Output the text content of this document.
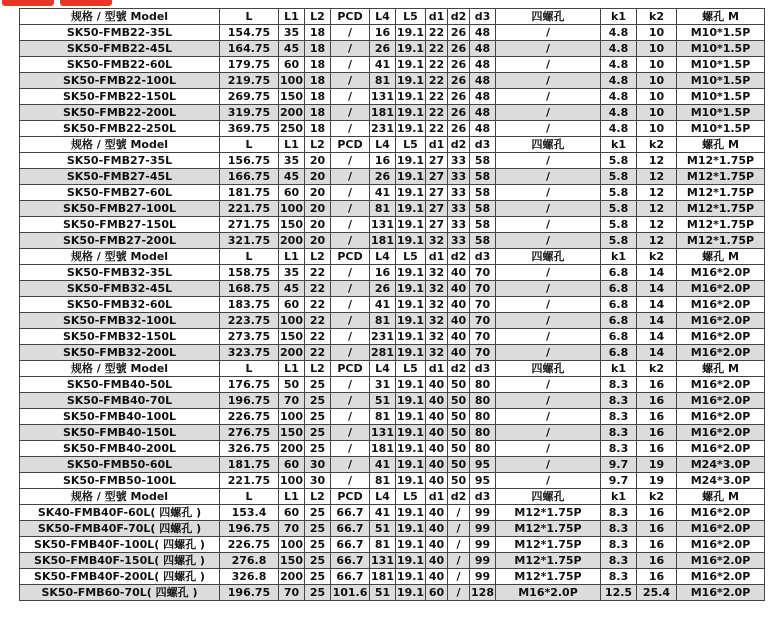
规格 / 型號 Model	L	L1	L2	PCD	L4	L5	d1	d2	d3	四螺孔	k1	k2	螺孔 M
SK50-FMB22-35L	154.75	35	18	/	16	19.1	22	26	48	/	4.8	10	M10*1.5P
SK50-FMB22-45L	164.75	45	18	/	26	19.1	22	26	48	/	4.8	10	M10*1.5P
SK50-FMB22-60L	179.75	60	18	/	41	19.1	22	26	48	/	4.8	10	M10*1.5P
SK50-FMB22-100L	219.75	100	18	/	81	19.1	22	26	48	/	4.8	10	M10*1.5P
SK50-FMB22-150L	269.75	150	18	/	131	19.1	22	26	48	/	4.8	10	M10*1.5P
SK50-FMB22-200L	319.75	200	18	/	181	19.1	22	26	48	/	4.8	10	M10*1.5P
SK50-FMB22-250L	369.75	250	18	/	231	19.1	22	26	48	/	4.8	10	M10*1.5P
规格 / 型號 Model	L	L1	L2	PCD	L4	L5	d1	d2	d3	四螺孔	k1	k2	螺孔 M
SK50-FMB27-35L	156.75	35	20	/	16	19.1	27	33	58	/	5.8	12	M12*1.75P
SK50-FMB27-45L	166.75	45	20	/	26	19.1	27	33	58	/	5.8	12	M12*1.75P
SK50-FMB27-60L	181.75	60	20	/	41	19.1	27	33	58	/	5.8	12	M12*1.75P
SK50-FMB27-100L	221.75	100	20	/	81	19.1	27	33	58	/	5.8	12	M12*1.75P
SK50-FMB27-150L	271.75	150	20	/	131	19.1	27	33	58	/	5.8	12	M12*1.75P
SK50-FMB27-200L	321.75	200	20	/	181	19.1	32	33	58	/	5.8	12	M12*1.75P
规格 / 型號 Model	L	L1	L2	PCD	L4	L5	d1	d2	d3	四螺孔	k1	k2	螺孔 M
SK50-FMB32-35L	158.75	35	22	/	16	19.1	32	40	70	/	6.8	14	M16*2.0P
SK50-FMB32-45L	168.75	45	22	/	26	19.1	32	40	70	/	6.8	14	M16*2.0P
SK50-FMB32-60L	183.75	60	22	/	41	19.1	32	40	70	/	6.8	14	M16*2.0P
SK50-FMB32-100L	223.75	100	22	/	81	19.1	32	40	70	/	6.8	14	M16*2.0P
SK50-FMB32-150L	273.75	150	22	/	231	19.1	32	40	70	/	6.8	14	M16*2.0P
SK50-FMB32-200L	323.75	200	22	/	281	19.1	32	40	70	/	6.8	14	M16*2.0P
规格 / 型號 Model	L	L1	L2	PCD	L4	L5	d1	d2	d3	四螺孔	k1	k2	螺孔 M
SK50-FMB40-50L	176.75	50	25	/	31	19.1	40	50	80	/	8.3	16	M16*2.0P
SK50-FMB40-70L	196.75	70	25	/	51	19.1	40	50	80	/	8.3	16	M16*2.0P
SK50-FMB40-100L	226.75	100	25	/	81	19.1	40	50	80	/	8.3	16	M16*2.0P
SK50-FMB40-150L	276.75	150	25	/	131	19.1	40	50	80	/	8.3	16	M16*2.0P
SK50-FMB40-200L	326.75	200	25	/	181	19.1	40	50	80	/	8.3	16	M16*2.0P
SK50-FMB50-60L	181.75	60	30	/	41	19.1	40	50	95	/	9.7	19	M24*3.0P
SK50-FMB50-100L	221.75	100	30	/	81	19.1	40	50	95	/	9.7	19	M24*3.0P
规格 / 型號 Model	L	L1	L2	PCD	L4	L5	d1	d2	d3	四螺孔	k1	k2	螺孔 M
SK40-FMB40F-60L( 四螺孔 )	153.4	60	25	66.7	41	19.1	40	/	99	M12*1.75P	8.3	16	M16*2.0P
SK50-FMB40F-70L( 四螺孔 )	196.75	70	25	66.7	51	19.1	40	/	99	M12*1.75P	8.3	16	M16*2.0P
SK50-FMB40F-100L( 四螺孔 )	226.75	100	25	66.7	81	19.1	40	/	99	M12*1.75P	8.3	16	M16*2.0P
SK50-FMB40F-150L( 四螺孔 )	276.8	150	25	66.7	131	19.1	40	/	99	M12*1.75P	8.3	16	M16*2.0P
SK50-FMB40F-200L( 四螺孔 )	326.8	200	25	66.7	181	19.1	40	/	99	M12*1.75P	8.3	16	M16*2.0P
SK50-FMB60-70L( 四螺孔 )	196.75	70	25	101.6	51	19.1	60	/	128	M16*2.0P	12.5	25.4	M16*2.0P
